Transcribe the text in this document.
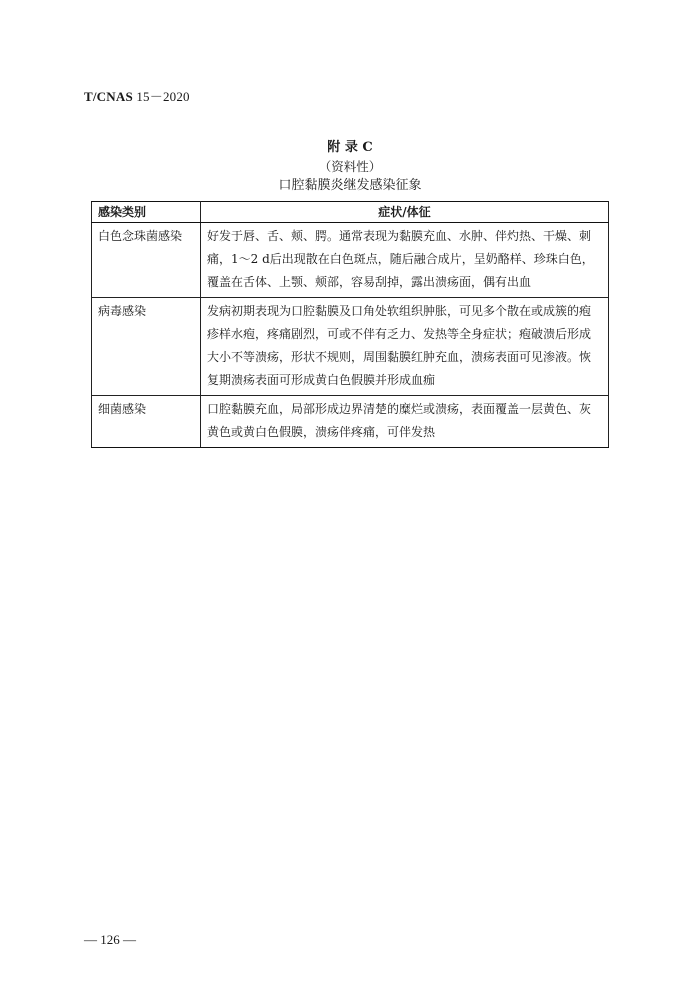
T/CNAS 15－2020
附 录 C
（资料性）
口腔黏膜炎继发感染征象
感染类别	症状/体征
白色念珠菌感染	好发于唇、舌、颊、腭。通常表现为黏膜充血、水肿、伴灼热、干燥、刺痛，1～2 d后出现散在白色斑点，随后融合成片，呈奶酪样、珍珠白色，覆盖在舌体、上颚、颊部，容易刮掉，露出溃疡面，偶有出血
病毒感染	发病初期表现为口腔黏膜及口角处软组织肿胀，可见多个散在或成簇的疱疹样水疱，疼痛剧烈，可或不伴有乏力、发热等全身症状；疱破溃后形成大小不等溃疡，形状不规则，周围黏膜红肿充血，溃疡表面可见渗液。恢复期溃疡表面可形成黄白色假膜并形成血痂
细菌感染	口腔黏膜充血，局部形成边界清楚的糜烂或溃疡，表面覆盖一层黄色、灰黄色或黄白色假膜，溃疡伴疼痛，可伴发热
— 126 —
